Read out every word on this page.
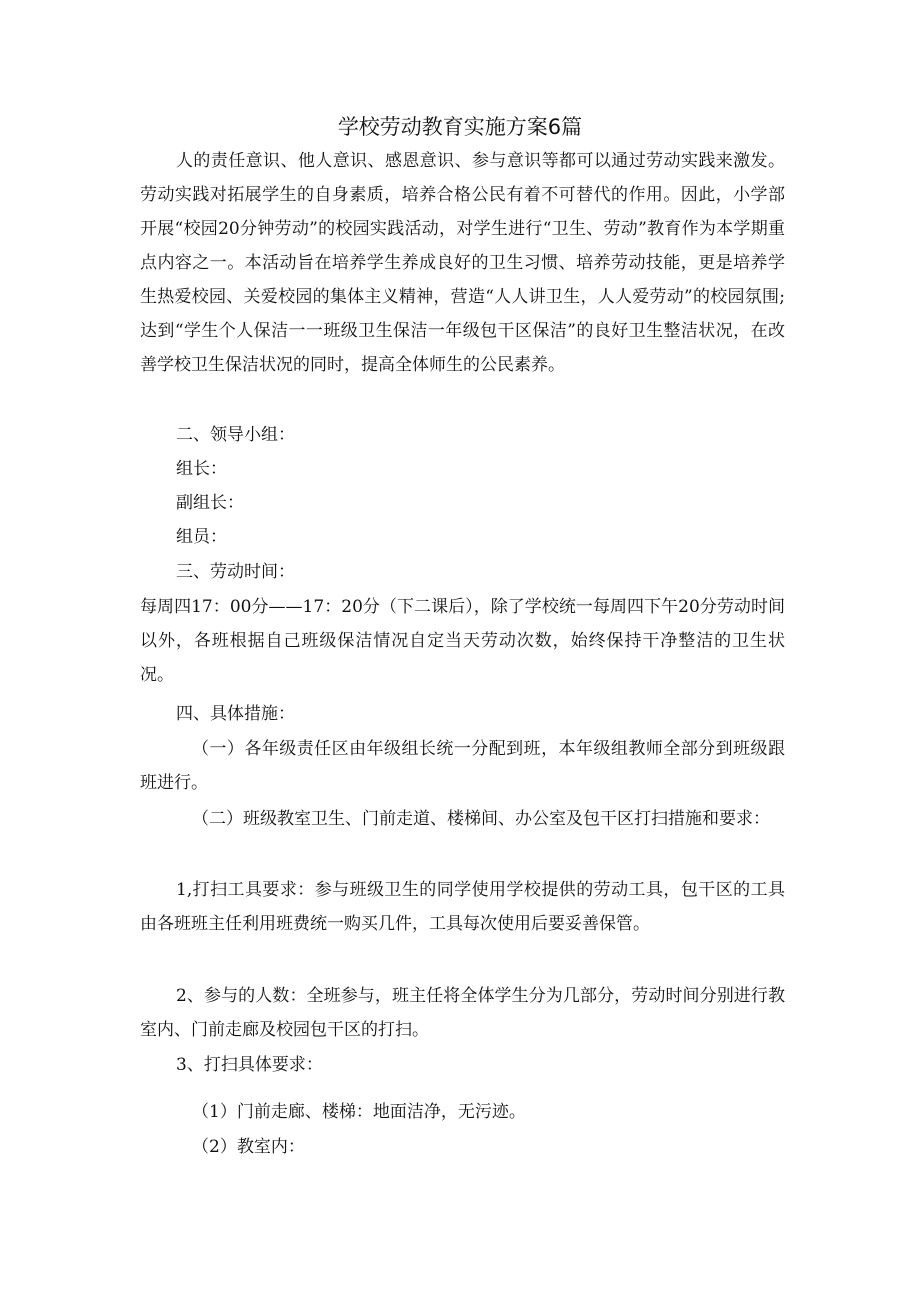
学校劳动教育实施方案6篇

人的责任意识、他人意识、感恩意识、参与意识等都可以通过劳动实践来激发。劳动实践对拓展学生的自身素质，培养合格公民有着不可替代的作用。因此，小学部开展“校园20分钟劳动”的校园实践活动，对学生进行“卫生、劳动”教育作为本学期重点内容之一。本活动旨在培养学生养成良好的卫生习惯、培养劳动技能，更是培养学生热爱校园、关爱校园的集体主义精神，营造“人人讲卫生，人人爱劳动”的校园氛围;达到“学生个人保洁一一班级卫生保洁一年级包干区保洁”的良好卫生整洁状况，在改善学校卫生保洁状况的同时，提高全体师生的公民素养。

二、领导小组：

组长：

副组长：

组员：

三、劳动时间：

每周四17：00分——17：20分（下二课后），除了学校统一每周四下午20分劳动时间以外，各班根据自己班级保洁情况自定当天劳动次数，始终保持干净整洁的卫生状况。

四、具体措施：

（一）各年级责任区由年级组长统一分配到班，本年级组教师全部分到班级跟班进行。

（二）班级教室卫生、门前走道、楼梯间、办公室及包干区打扫措施和要求：

1,打扫工具要求：参与班级卫生的同学使用学校提供的劳动工具，包干区的工具由各班班主任利用班费统一购买几件，工具每次使用后要妥善保管。

2、参与的人数：全班参与，班主任将全体学生分为几部分，劳动时间分别进行教室内、门前走廊及校园包干区的打扫。

3、打扫具体要求：

（1）门前走廊、楼梯：地面洁净，无污迹。

（2）教室内：
